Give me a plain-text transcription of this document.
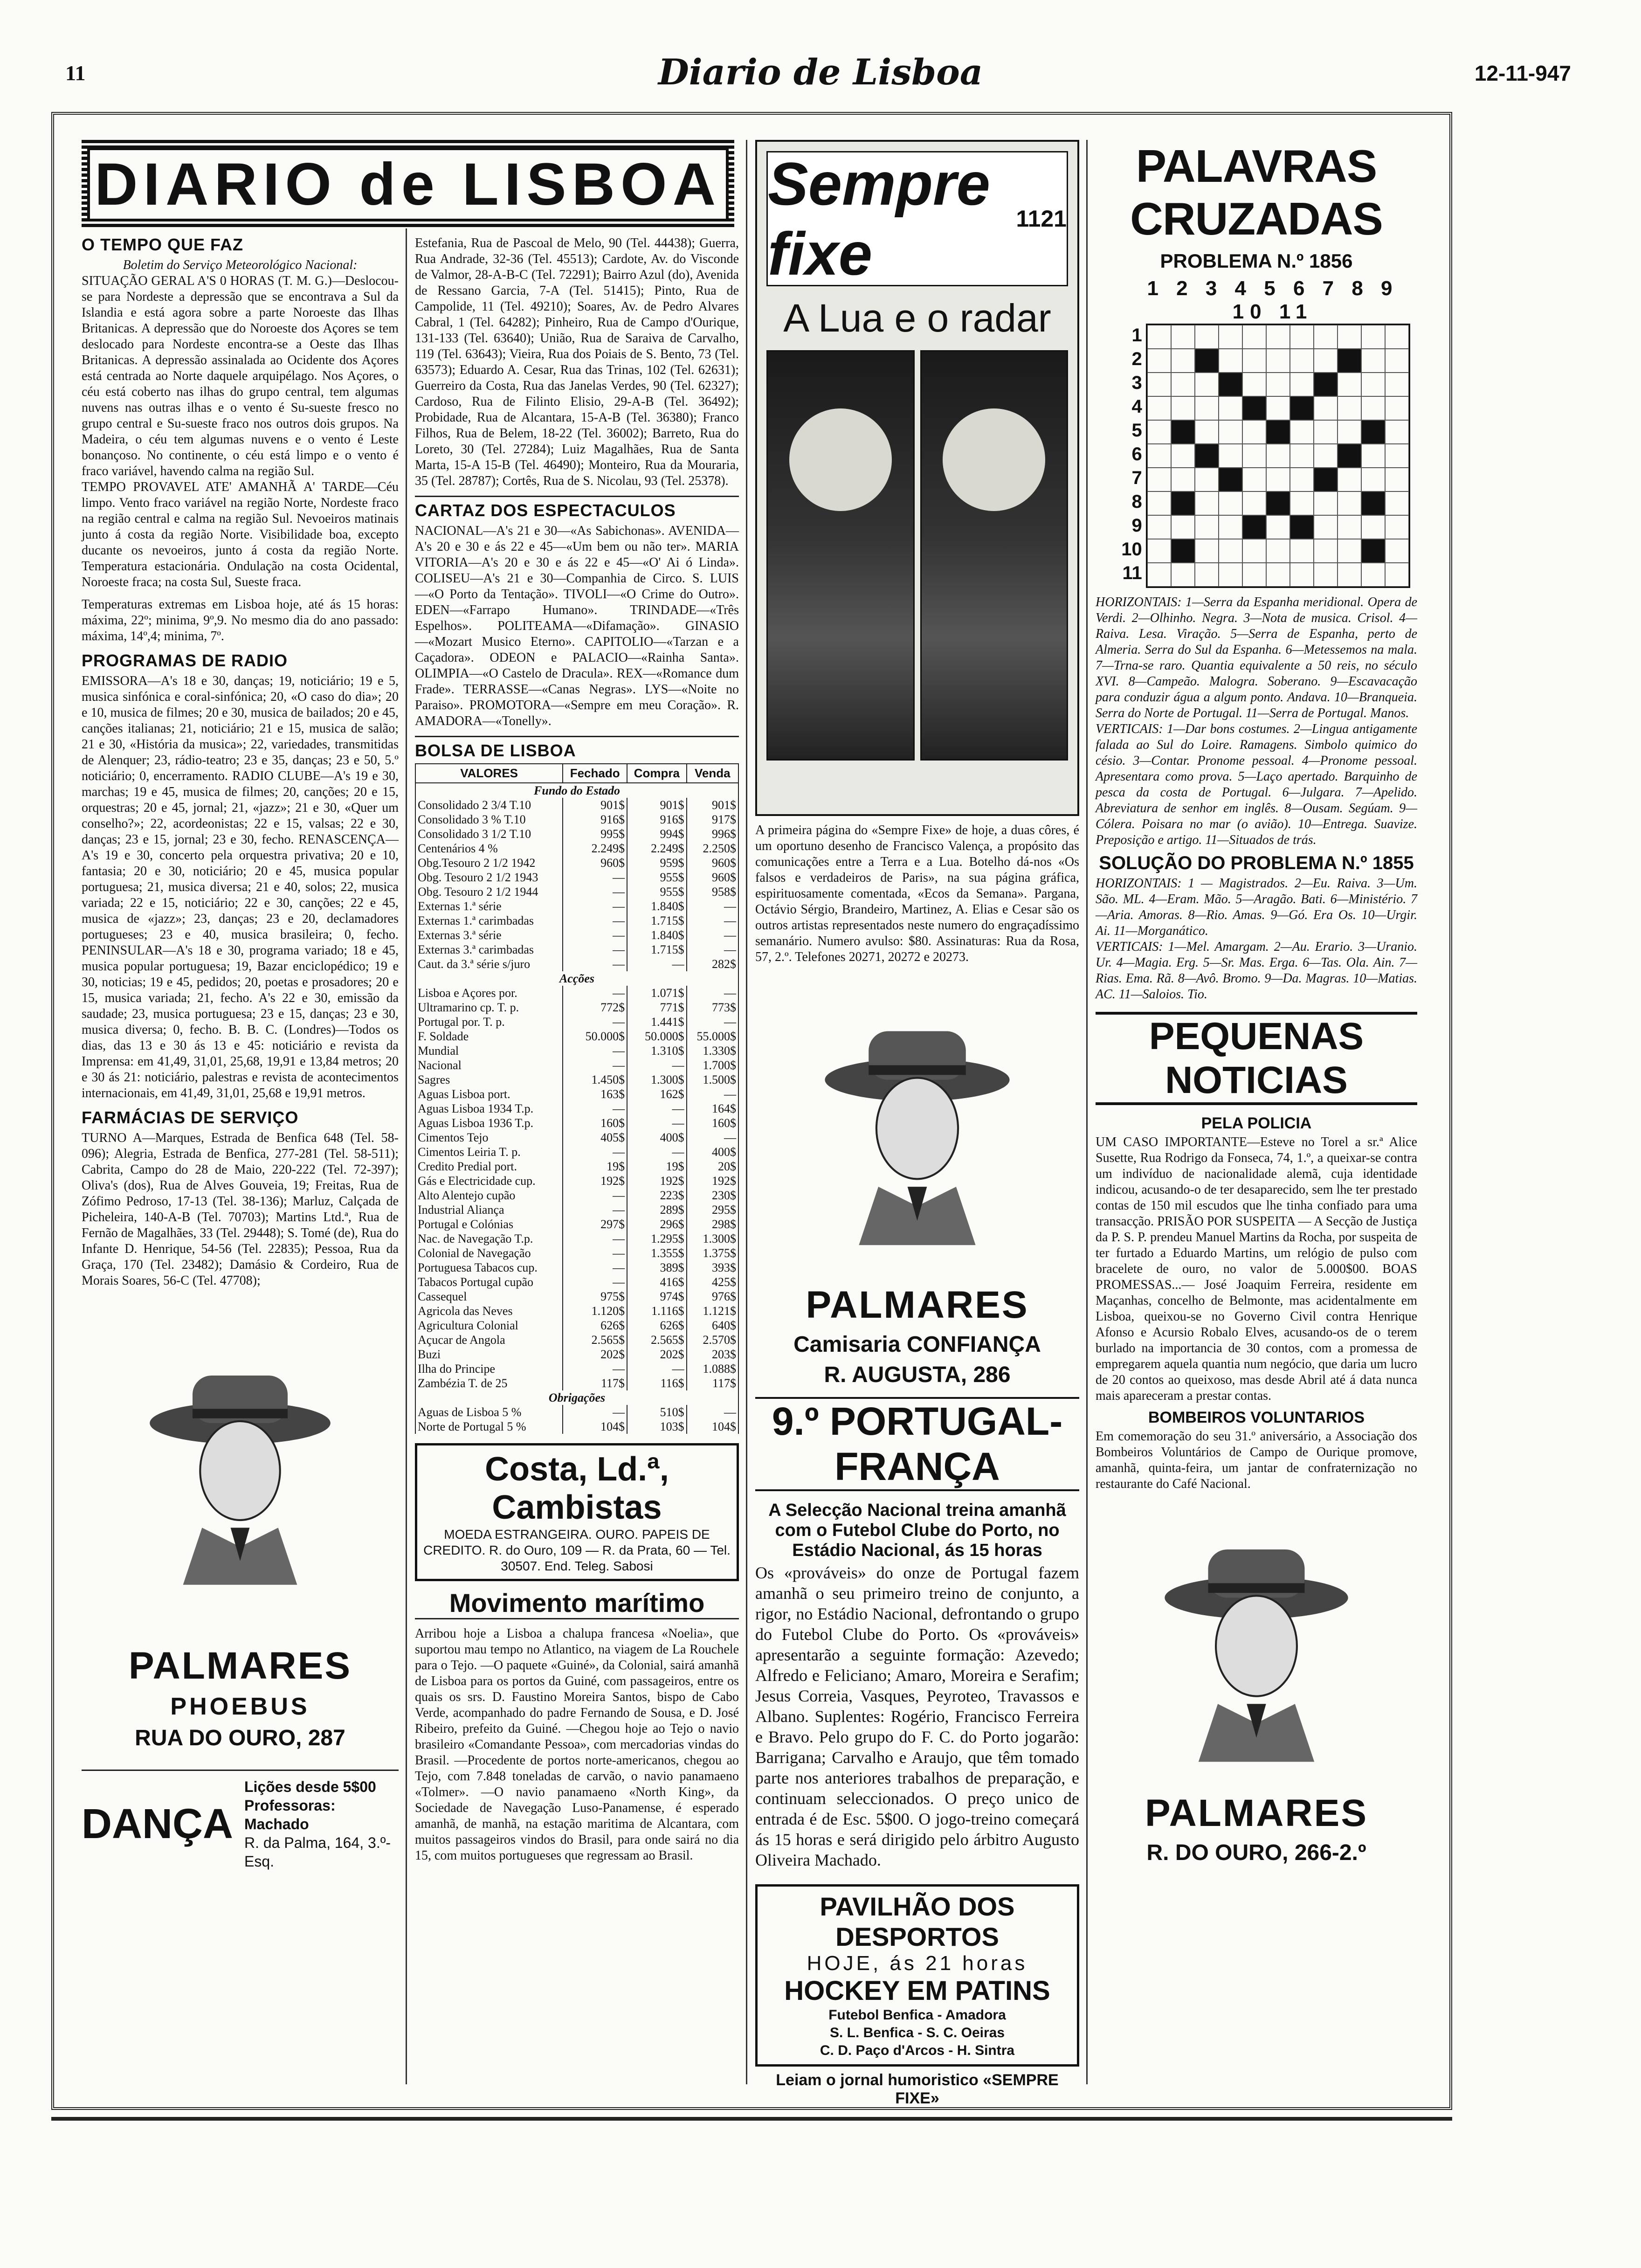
11	Diario de Lisboa	12-11-947
DIARIO de LISBOA
O TEMPO QUE FAZ

Boletim do Serviço Meteorológico Nacional:

SITUAÇÃO GERAL A'S 0 HORAS (T. M. G.)—Deslocou-se para Nordeste a depressão que se encontrava a Sul da Islandia e está agora sobre a parte Noroeste das Ilhas Britanicas. A depressão que do Noroeste dos Açores se tem deslocado para Nordeste encontra-se a Oeste das Ilhas Britanicas. A depressão assinalada ao Ocidente dos Açores está centrada ao Norte daquele arquipélago. Nos Açores, o céu está coberto nas ilhas do grupo central, tem algumas nuvens nas outras ilhas e o vento é Su-sueste fresco no grupo central e Su-sueste fraco nos outros dois grupos. Na Madeira, o céu tem algumas nuvens e o vento é Leste bonançoso. No continente, o céu está limpo e o vento é fraco variável, havendo calma na região Sul.

TEMPO PROVAVEL ATE' AMANHÃ A' TARDE—Céu limpo. Vento fraco variável na região Norte, Nordeste fraco na região central e calma na região Sul. Nevoeiros matinais junto á costa da região Norte. Visibilidade boa, excepto ducante os nevoeiros, junto á costa da região Norte. Temperatura estacionária. Ondulação na costa Ocidental, Noroeste fraca; na costa Sul, Sueste fraca.

Temperaturas extremas em Lisboa hoje, até ás 15 horas: máxima, 22º; minima, 9º,9. No mesmo dia do ano passado: máxima, 14º,4; minima, 7º.

PROGRAMAS DE RADIO

EMISSORA—A's 18 e 30, danças; 19, noticiário; 19 e 5, musica sinfónica e coral-sinfónica; 20, «O caso do dia»; 20 e 10, musica de filmes; 20 e 30, musica de bailados; 20 e 45, canções italianas; 21, noticiário; 21 e 15, musica de salão; 21 e 30, «História da musica»; 22, variedades, transmitidas de Alenquer; 23, rádio-teatro; 23 e 35, danças; 23 e 50, 5.º noticiário; 0, encerramento. RADIO CLUBE—A's 19 e 30, marchas; 19 e 45, musica de filmes; 20, canções; 20 e 15, orquestras; 20 e 45, jornal; 21, «jazz»; 21 e 30, «Quer um conselho?»; 22, acordeonistas; 22 e 15, valsas; 22 e 30, danças; 23 e 15, jornal; 23 e 30, fecho. RENASCENÇA—A's 19 e 30, concerto pela orquestra privativa; 20 e 10, fantasia; 20 e 30, noticiário; 20 e 45, musica popular portuguesa; 21, musica diversa; 21 e 40, solos; 22, musica variada; 22 e 15, noticiário; 22 e 30, canções; 22 e 45, musica de «jazz»; 23, danças; 23 e 20, declamadores portugueses; 23 e 40, musica brasileira; 0, fecho. PENINSULAR—A's 18 e 30, programa variado; 18 e 45, musica popular portuguesa; 19, Bazar enciclopédico; 19 e 30, noticias; 19 e 45, pedidos; 20, poetas e prosadores; 20 e 15, musica variada; 21, fecho. A's 22 e 30, emissão da saudade; 23, musica portuguesa; 23 e 15, danças; 23 e 30, musica diversa; 0, fecho. B. B. C. (Londres)—Todos os dias, das 13 e 30 ás 13 e 45: noticiário e revista da Imprensa: em 41,49, 31,01, 25,68, 19,91 e 13,84 metros; 20 e 30 ás 21: noticiário, palestras e revista de acontecimentos internacionais, em 41,49, 31,01, 25,68 e 19,91 metros.

FARMÁCIAS DE SERVIÇO

TURNO A—Marques, Estrada de Benfica 648 (Tel. 58-096); Alegria, Estrada de Benfica, 277-281 (Tel. 58-511); Cabrita, Campo do 28 de Maio, 220-222 (Tel. 72-397); Oliva's (dos), Rua de Alves Gouveia, 19; Freitas, Rua de Zófimo Pedroso, 17-13 (Tel. 38-136); Marluz, Calçada de Picheleira, 140-A-B (Tel. 70703); Martins Ltd.ª, Rua de Fernão de Magalhães, 33 (Tel. 29448); S. Tomé (de), Rua do Infante D. Henrique, 54-56 (Tel. 22835); Pessoa, Rua da Graça, 170 (Tel. 23482); Damásio & Cordeiro, Rua de Morais Soares, 56-C (Tel. 47708);

PALMARES
PHOEBUS
RUA DO OURO, 287
DANÇA
Lições desde 5$00
Professoras: Machado
R. da Palma, 164, 3.º-Esq.

Estefania, Rua de Pascoal de Melo, 90 (Tel. 44438); Guerra, Rua Andrade, 32-36 (Tel. 45513); Cardote, Av. do Visconde de Valmor, 28-A-B-C (Tel. 72291); Bairro Azul (do), Avenida de Ressano Garcia, 7-A (Tel. 51415); Pinto, Rua de Campolide, 11 (Tel. 49210); Soares, Av. de Pedro Alvares Cabral, 1 (Tel. 64282); Pinheiro, Rua de Campo d'Ourique, 131-133 (Tel. 63640); União, Rua de Saraiva de Carvalho, 119 (Tel. 63643); Vieira, Rua dos Poiais de S. Bento, 73 (Tel. 63573); Eduardo A. Cesar, Rua das Trinas, 102 (Tel. 62631); Guerreiro da Costa, Rua das Janelas Verdes, 90 (Tel. 62327); Cardoso, Rua de Filinto Elisio, 29-A-B (Tel. 36492); Probidade, Rua de Alcantara, 15-A-B (Tel. 36380); Franco Filhos, Rua de Belem, 18-22 (Tel. 36002); Barreto, Rua do Loreto, 30 (Tel. 27284); Luiz Magalhães, Rua de Santa Marta, 15-A 15-B (Tel. 46490); Monteiro, Rua da Mouraria, 35 (Tel. 28787); Cortês, Rua de S. Nicolau, 93 (Tel. 25378).

CARTAZ DOS ESPECTACULOS

NACIONAL—A's 21 e 30—«As Sabichonas». AVENIDA—A's 20 e 30 e ás 22 e 45—«Um bem ou não ter». MARIA VITORIA—A's 20 e 30 e ás 22 e 45—«O' Ai ó Linda». COLISEU—A's 21 e 30—Companhia de Circo. S. LUIS—«O Porto da Tentação». TIVOLI—«O Crime do Outro». EDEN—«Farrapo Humano». TRINDADE—«Três Espelhos». POLITEAMA—«Difamação». GINASIO—«Mozart Musico Eterno». CAPITOLIO—«Tarzan e a Caçadora». ODEON e PALACIO—«Rainha Santa». OLIMPIA—«O Castelo de Dracula». REX—«Romance dum Frade». TERRASSE—«Canas Negras». LYS—«Noite no Paraiso». PROMOTORA—«Sempre em meu Coração». R. AMADORA—«Tonelly».

BOLSA DE LISBOA
VALORES	Fechado	Compra	Venda
Fundo do Estado			
Consolidado 2 3/4 T.10	901$	901$	901$
Consolidado 3 % T.10	916$	916$	917$
Consolidado 3 1/2 T.10	995$	994$	996$
Centenários 4 %	2.249$	2.249$	2.250$
Obg.Tesouro 2 1/2 1942	960$	959$	960$
Obg. Tesouro 2 1/2 1943	—	955$	960$
Obg. Tesouro 2 1/2 1944	—	955$	958$
Externas 1.ª série	—	1.840$	—
Externas 1.ª carimbadas	—	1.715$	—
Externas 3.ª série	—	1.840$	—
Externas 3.ª carimbadas	—	1.715$	—
Caut. da 3.ª série s/juro	—	—	282$
Acções			
Lisboa e Açores por.	—	1.071$	—
Ultramarino cp. T. p.	772$	771$	773$
Portugal por. T. p.	—	1.441$	—
F. Soldade	50.000$	50.000$	55.000$
Mundial	—	1.310$	1.330$
Nacional	—	—	1.700$
Sagres	1.450$	1.300$	1.500$
Aguas Lisboa port.	163$	162$	—
Aguas Lisboa 1934 T.p.	—	—	164$
Aguas Lisboa 1936 T.p.	160$	—	160$
Cimentos Tejo	405$	400$	—
Cimentos Leiria T. p.	—	—	400$
Credito Predial port.	19$	19$	20$
Gás e Electricidade cup.	192$	192$	192$
Alto Alentejo cupão	—	223$	230$
Industrial Aliança	—	289$	295$
Portugal e Colónias	297$	296$	298$
Nac. de Navegação T.p.	—	1.295$	1.300$
Colonial de Navegação	—	1.355$	1.375$
Portuguesa Tabacos cup.	—	389$	393$
Tabacos Portugal cupão	—	416$	425$
Cassequel	975$	974$	976$
Agricola das Neves	1.120$	1.116$	1.121$
Agricultura Colonial	626$	626$	640$
Açucar de Angola	2.565$	2.565$	2.570$
Buzi	202$	202$	203$
Ilha do Principe	—	—	1.088$
Zambézia T. de 25	117$	116$	117$
Obrigações			
Aguas de Lisboa 5 %	—	510$	—
Norte de Portugal 5 %	104$	103$	104$
Costa, Ld.ª, Cambistas

MOEDA ESTRANGEIRA. OURO. PAPEIS DE CREDITO. R. do Ouro, 109 — R. da Prata, 60 — Tel. 30507. End. Teleg. Sabosi

Movimento marítimo

Arribou hoje a Lisboa a chalupa francesa «Noelia», que suportou mau tempo no Atlantico, na viagem de La Rouchele para o Tejo. —O paquete «Guiné», da Colonial, sairá amanhã de Lisboa para os portos da Guiné, com passageiros, entre os quais os srs. D. Faustino Moreira Santos, bispo de Cabo Verde, acompanhado do padre Fernando de Sousa, e D. José Ribeiro, prefeito da Guiné. —Chegou hoje ao Tejo o navio brasileiro «Comandante Pessoa», com mercadorias vindas do Brasil. —Procedente de portos norte-americanos, chegou ao Tejo, com 7.848 toneladas de carvão, o navio panamaeno «Tolmer». —O navio panamaeno «North King», da Sociedade de Navegação Luso-Panamense, é esperado amanhã, de manhã, na estação maritima de Alcantara, com muitos passageiros vindos do Brasil, para onde sairá no dia 15, com muitos portugueses que regressam ao Brasil.

Sempre fixe
1121
A Lua e o radar

A primeira página do «Sempre Fixe» de hoje, a duas côres, é um oportuno desenho de Francisco Valença, a propósito das comunicações entre a Terra e a Lua. Botelho dá-nos «Os falsos e verdadeiros de Paris», na sua página gráfica, espirituosamente comentada, «Ecos da Semana». Pargana, Octávio Sérgio, Brandeiro, Martinez, A. Elias e Cesar são os outros artistas representados neste numero do engraçadíssimo semanário. Numero avulso: $80. Assinaturas: Rua da Rosa, 57, 2.º. Telefones 20271, 20272 e 20273.

PALMARES
Camisaria CONFIANÇA
R. AUGUSTA, 286
9.º PORTUGAL-FRANÇA
A Selecção Nacional treina amanhã com o Futebol Clube do Porto, no Estádio Nacional, ás 15 horas

Os «prováveis» do onze de Portugal fazem amanhã o seu primeiro treino de conjunto, a rigor, no Estádio Nacional, defrontando o grupo do Futebol Clube do Porto. Os «prováveis» apresentarão a seguinte formação: Azevedo; Alfredo e Feliciano; Amaro, Moreira e Serafim; Jesus Correia, Vasques, Peyroteo, Travassos e Albano. Suplentes: Rogério, Francisco Ferreira e Bravo. Pelo grupo do F. C. do Porto jogarão: Barrigana; Carvalho e Araujo, que têm tomado parte nos anteriores trabalhos de preparação, e continuam seleccionados. O preço unico de entrada é de Esc. 5$00. O jogo-treino começará ás 15 horas e será dirigido pelo árbitro Augusto Oliveira Machado.

PAVILHÃO DOS DESPORTOS
HOJE, ás 21 horas
HOCKEY EM PATINS
Futebol Benfica - Amadora
S. L. Benfica - S. C. Oeiras
C. D. Paço d'Arcos - H. Sintra
Leiam o jornal humoristico «SEMPRE FIXE»
PALAVRAS CRUZADAS
PROBLEMA N.º 1856
1 2 3 4 5 6 7 8 9 10 11
1
2
3
4
5
6
7
8
9
10
11

HORIZONTAIS: 1—Serra da Espanha meridional. Opera de Verdi. 2—Olhinho. Negra. 3—Nota de musica. Crisol. 4—Raiva. Lesa. Viração. 5—Serra de Espanha, perto de Almeria. Serra do Sul da Espanha. 6—Metessemos na mala. 7—Trna-se raro. Quantia equivalente a 50 reis, no século XVI. 8—Campeão. Malogra. Soberano. 9—Escavacação para conduzir água a algum ponto. Andava. 10—Branqueia. Serra do Norte de Portugal. 11—Serra de Portugal. Manos.

VERTICAIS: 1—Dar bons costumes. 2—Lingua antigamente falada ao Sul do Loire. Ramagens. Simbolo quimico do césio. 3—Contar. Pronome pessoal. 4—Pronome pessoal. Apresentara como prova. 5—Laço apertado. Barquinho de pesca da costa de Portugal. 6—Julgara. 7—Apelido. Abreviatura de senhor em inglês. 8—Ousam. Segúam. 9—Cólera. Poisara no mar (o avião). 10—Entrega. Suavize. Preposição e artigo. 11—Situados de trás.

SOLUÇÃO DO PROBLEMA N.º 1855

HORIZONTAIS: 1 — Magistrados. 2—Eu. Raiva. 3—Um. São. ML. 4—Eram. Mão. 5—Aragão. Bati. 6—Ministério. 7—Aria. Amoras. 8—Rio. Amas. 9—Gó. Era Os. 10—Urgir. Ai. 11—Morganático.

VERTICAIS: 1—Mel. Amargam. 2—Au. Erario. 3—Uranio. Ur. 4—Magia. Erg. 5—Sr. Mas. Erga. 6—Tas. Ola. Ain. 7—Rias. Ema. Rã. 8—Avô. Bromo. 9—Da. Magras. 10—Matias. AC. 11—Saloios. Tio.

PEQUENAS NOTICIAS
PELA POLICIA

UM CASO IMPORTANTE—Esteve no Torel a sr.ª Alice Susette, Rua Rodrigo da Fonseca, 74, 1.º, a queixar-se contra um indivíduo de nacionalidade alemã, cuja identidade indicou, acusando-o de ter desaparecido, sem lhe ter prestado contas de 150 mil escudos que lhe tinha confiado para uma transacção. PRISÃO POR SUSPEITA — A Secção de Justiça da P. S. P. prendeu Manuel Martins da Rocha, por suspeita de ter furtado a Eduardo Martins, um relógio de pulso com bracelete de ouro, no valor de 5.000$00. BOAS PROMESSAS...— José Joaquim Ferreira, residente em Maçanhas, concelho de Belmonte, mas acidentalmente em Lisboa, queixou-se no Governo Civil contra Henrique Afonso e Acursio Robalo Elves, acusando-os de o terem burlado na importancia de 30 contos, com a promessa de empregarem aquela quantia num negócio, que daria um lucro de 20 contos ao queixoso, mas desde Abril até á data nunca mais apareceram a prestar contas.

BOMBEIROS VOLUNTARIOS

Em comemoração do seu 31.º aniversário, a Associação dos Bombeiros Voluntários de Campo de Ourique promove, amanhã, quinta-feira, um jantar de confraternização no restaurante do Café Nacional.

PALMARES
R. DO OURO, 266-2.º
